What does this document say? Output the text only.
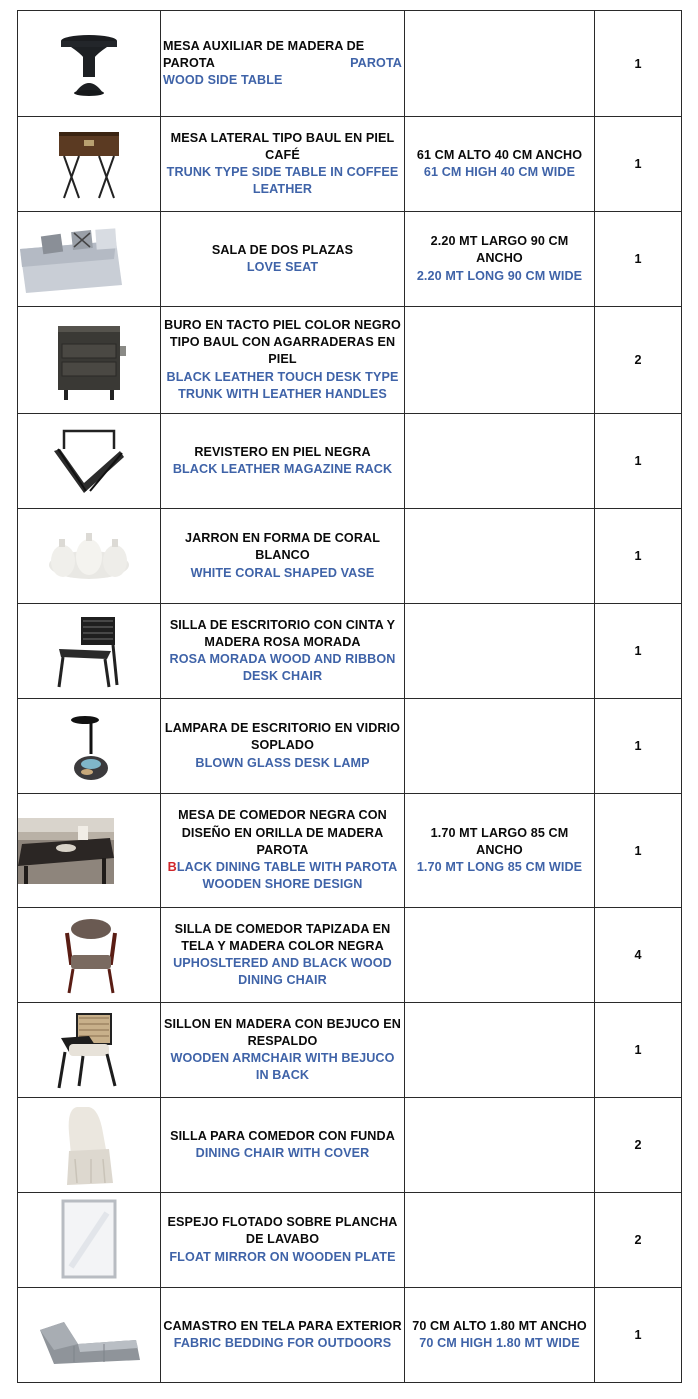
MESA AUXILIAR DE MADERA DE
PAROTA PAROTA
WOOD SIDE TABLE		1

MESA LATERAL TIPO BAUL EN PIEL CAFÉ
TRUNK TYPE SIDE TABLE IN COFFEE LEATHER	61 CM ALTO 40 CM ANCHO
61 CM HIGH 40 CM WIDE	1

SALA DE DOS PLAZAS
LOVE SEAT	2.20 MT LARGO 90 CM ANCHO
2.20 MT LONG 90 CM WIDE	1

BURO EN TACTO PIEL COLOR NEGRO TIPO BAUL CON AGARRADERAS EN PIEL
BLACK LEATHER TOUCH DESK TYPE TRUNK WITH LEATHER HANDLES		2

REVISTERO EN PIEL NEGRA
BLACK LEATHER MAGAZINE RACK		1

JARRON EN FORMA DE CORAL BLANCO
WHITE CORAL SHAPED VASE		1

SILLA DE ESCRITORIO CON CINTA Y   MADERA ROSA MORADA
ROSA MORADA WOOD AND RIBBON DESK CHAIR		1

LAMPARA DE ESCRITORIO EN VIDRIO SOPLADO
BLOWN GLASS DESK LAMP		1

MESA DE COMEDOR NEGRA CON DISEÑO EN ORILLA DE MADERA PAROTA
BLACK DINING TABLE WITH PAROTA WOODEN SHORE DESIGN	1.70 MT LARGO 85 CM ANCHO
1.70 MT LONG 85 CM WIDE	1

SILLA DE COMEDOR TAPIZADA EN TELA Y MADERA COLOR NEGRA
UPHOSLTERED AND BLACK WOOD DINING CHAIR		4

SILLON EN MADERA CON BEJUCO EN RESPALDO
WOODEN ARMCHAIR WITH BEJUCO IN BACK		1

SILLA PARA COMEDOR CON FUNDA
DINING CHAIR WITH COVER		2

ESPEJO FLOTADO SOBRE PLANCHA DE LAVABO
FLOAT MIRROR ON WOODEN PLATE		2

CAMASTRO EN TELA PARA EXTERIOR
FABRIC BEDDING FOR OUTDOORS	70 CM ALTO 1.80 MT ANCHO
70 CM HIGH 1.80 MT WIDE	1
